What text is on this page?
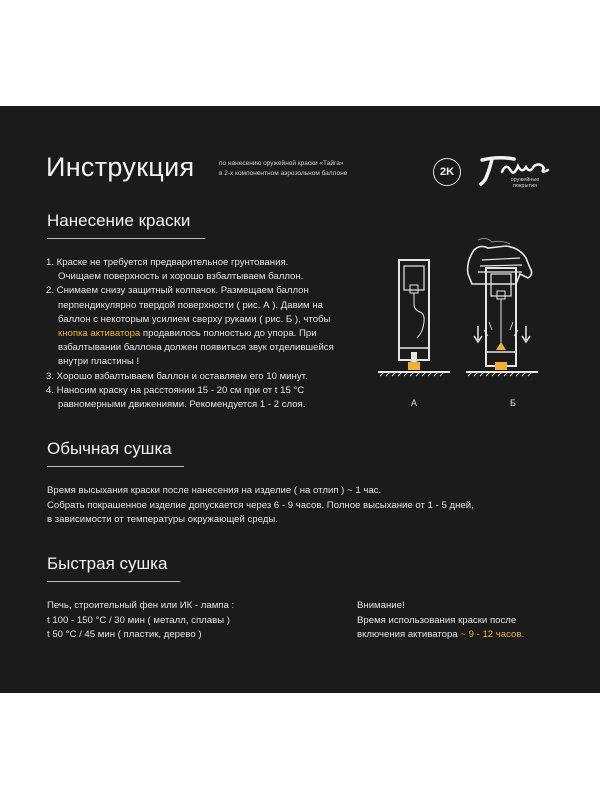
Инструкция	по нанесению оружейной краски «Тайга»
в 2-х компонентном аэрозольном баллоне	2K
оружейные
покрытия
Нанесение краски
1. Краске не требуется предварительное грунтования.
Очищаем поверхность и хорошо взбалтываем баллон.
2. Снимаем снизу защитный колпачок. Размещаем баллон перпендикулярно твердой поверхности ( рис. А ). Давим на баллон с некоторым усилием сверху руками ( рис. Б ), чтобы кнопка активатора продавилось полностью до упора. При взбалтывании баллона должен появиться звук отделившейся внутри пластины !
3. Хорошо взбалтываем баллон и оставляем его 10 минут.
4. Наносим краску на расстоянии 15 - 20 см при от t 15 °C равномерными движениями. Рекомендуется 1 - 2 слоя.	А	Б
Обычная сушка

Время высыхания краски после нанесения на изделие ( на отлип ) ~ 1 час.

Собрать покрашенное изделие допускается через 6 - 9 часов. Полное высыхание от 1 - 5 дней,

в зависимости от температуры окружающей среды.

Быстрая сушка

Печь, строительный фен или ИК - лампа :

t 100 - 150 °C / 30 мин ( металл, сплавы )

t 50 °C / 45 мин ( пластик, дерево )

Внимание!

Время использования краски после

включения активатора ~ 9 - 12 часов.
